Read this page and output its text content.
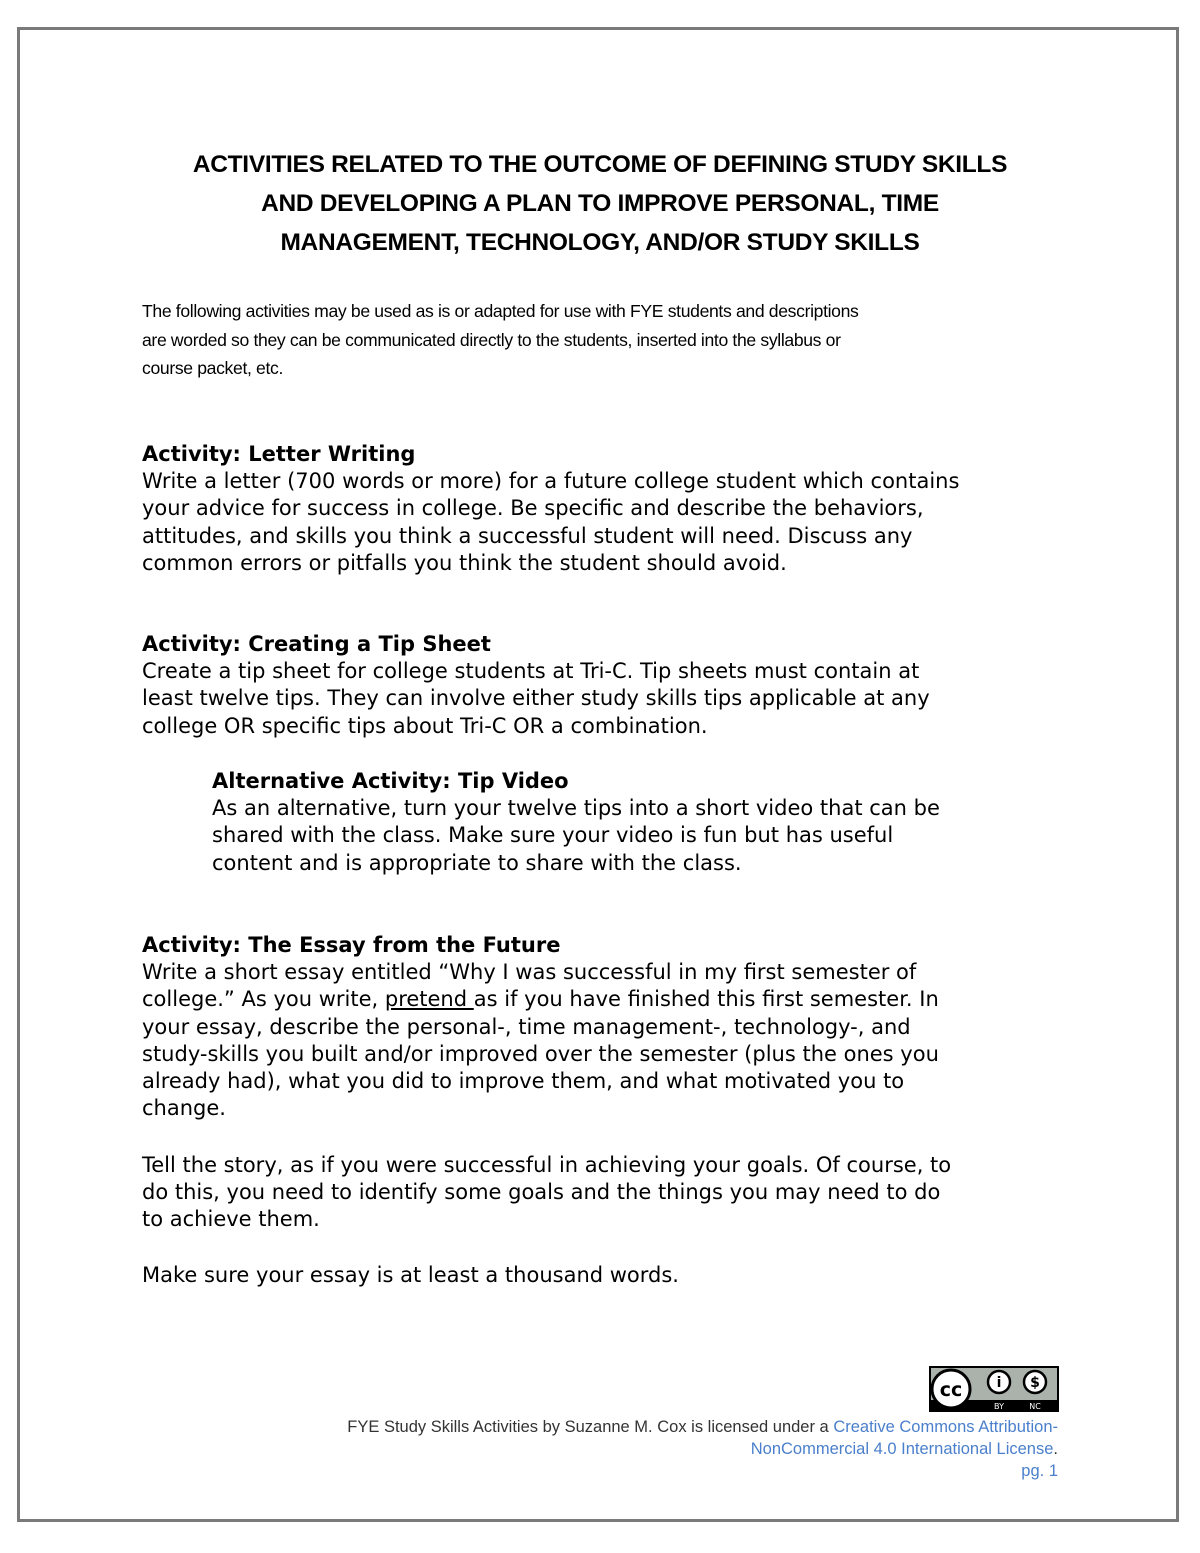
ACTIVITIES RELATED TO THE OUTCOME OF DEFINING STUDY SKILLS
AND DEVELOPING A PLAN TO IMPROVE PERSONAL, TIME
MANAGEMENT, TECHNOLOGY, AND/OR STUDY SKILLS
The following activities may be used as is or adapted for use with FYE students and descriptions
are worded so they can be communicated directly to the students, inserted into the syllabus or
course packet, etc.
Activity: Letter Writing

Write a letter (700 words or more) for a future college student which contains

your advice for success in college. Be specific and describe the behaviors,

attitudes, and skills you think a successful student will need. Discuss any

common errors or pitfalls you think the student should avoid.

Activity: Creating a Tip Sheet

Create a tip sheet for college students at Tri-C. Tip sheets must contain at

least twelve tips. They can involve either study skills tips applicable at any

college OR specific tips about Tri-C OR a combination.

Alternative Activity: Tip Video

As an alternative, turn your twelve tips into a short video that can be

shared with the class. Make sure your video is fun but has useful

content and is appropriate to share with the class.

Activity: The Essay from the Future

Write a short essay entitled “Why I was successful in my first semester of

college.” As you write, pretend as if you have finished this first semester. In

your essay, describe the personal-, time management-, technology-, and

study-skills you built and/or improved over the semester (plus the ones you

already had), what you did to improve them, and what motivated you to

change.

Tell the story, as if you were successful in achieving your goals. Of course, to

do this, you need to identify some goals and the things you may need to do

to achieve them.

Make sure your essay is at least a thousand words.

cc i $
BY	NC

FYE Study Skills Activities by Suzanne M. Cox is licensed under a Creative Commons Attribution-

NonCommercial 4.0 International License.

pg. 1
